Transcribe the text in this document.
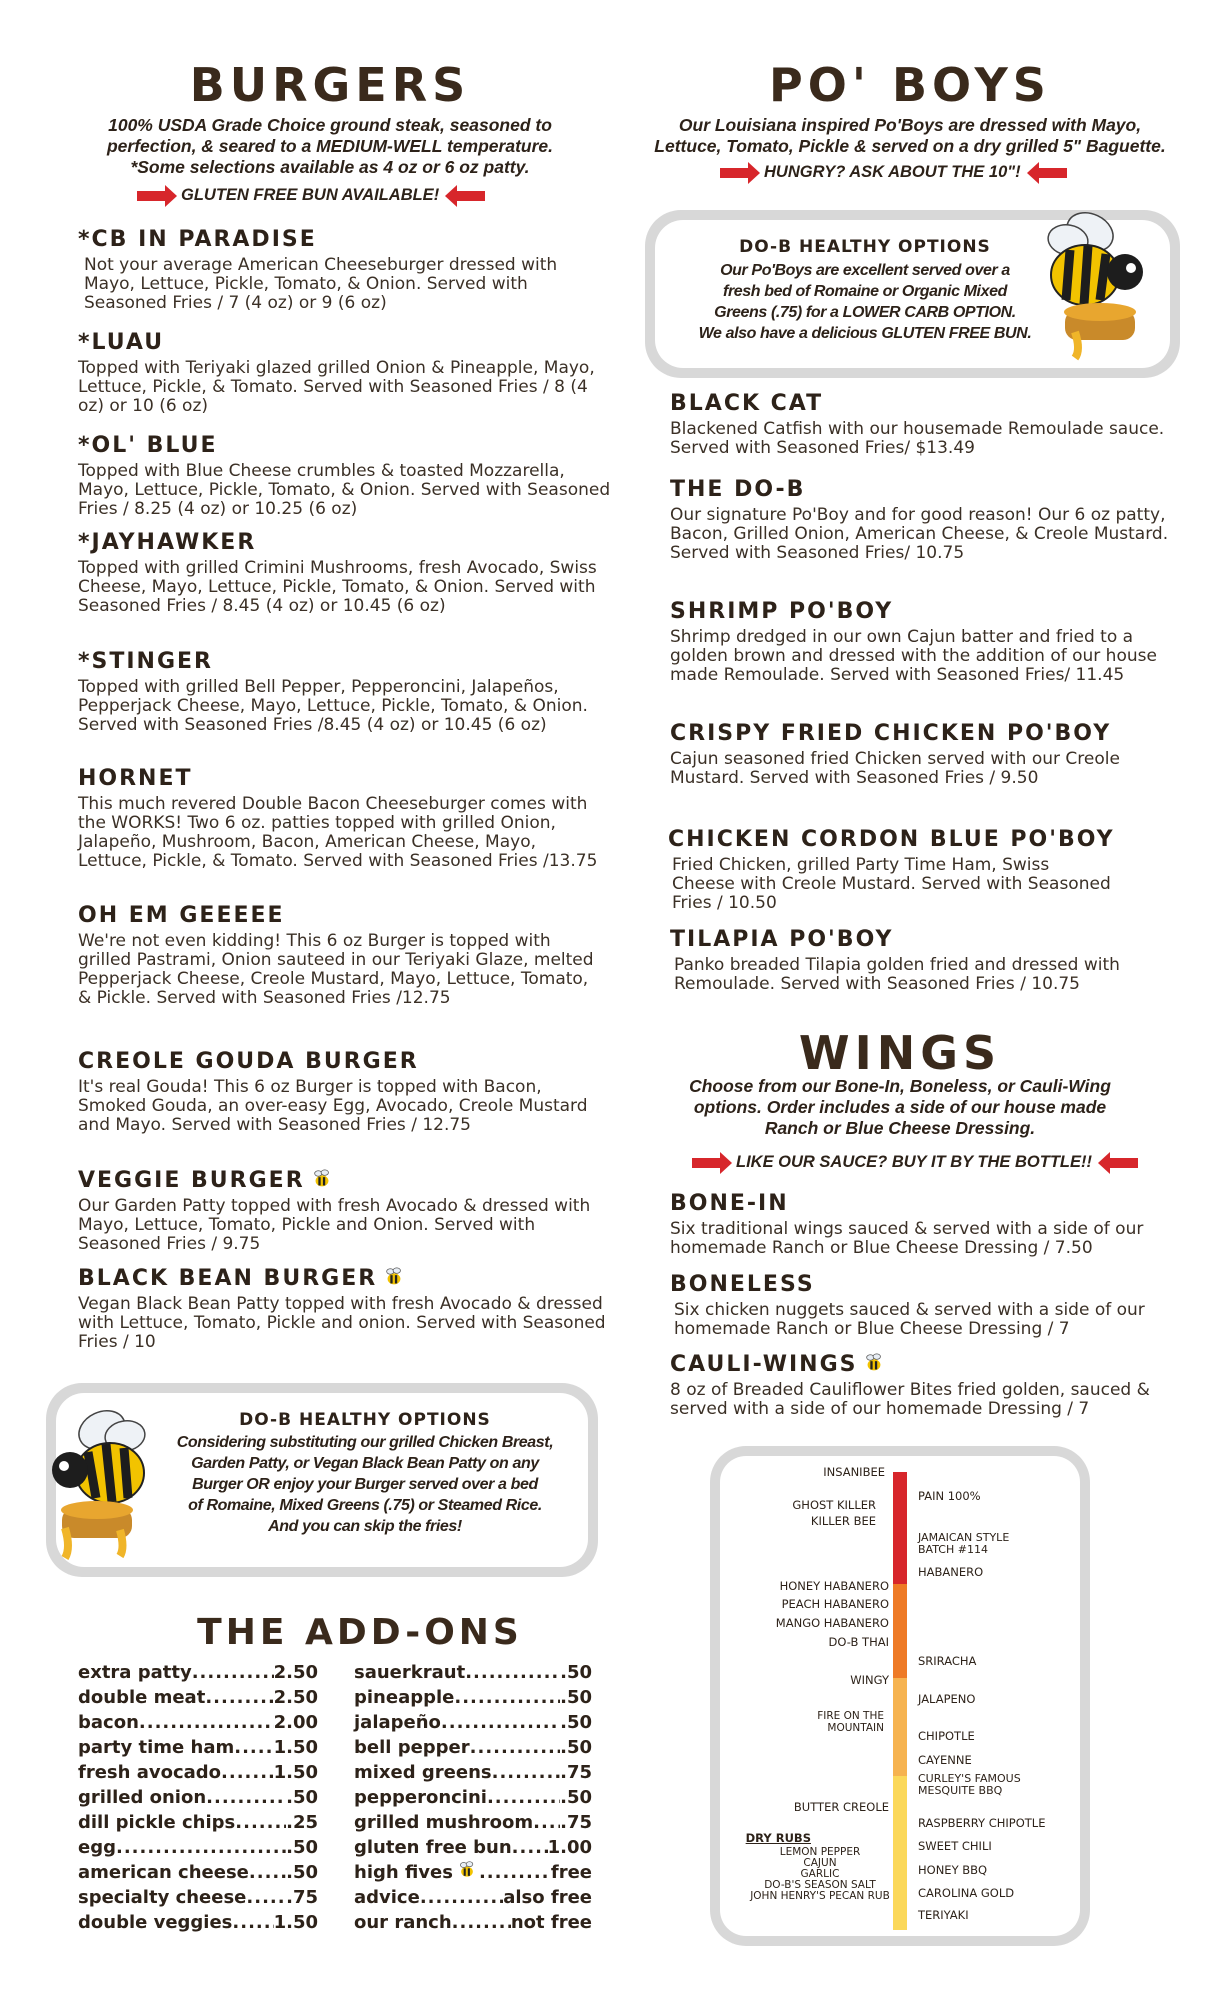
BURGERS
100% USDA Grade Choice ground steak, seasoned to
perfection, & seared to a MEDIUM-WELL temperature.
*Some selections available as 4 oz or 6 oz patty.
GLUTEN FREE BUN AVAILABLE!
*CB IN PARADISE
Not your average American Cheeseburger dressed with Mayo, Lettuce, Pickle, Tomato, & Onion. Served with Seasoned Fries / 7 (4 oz) or 9 (6 oz)
*LUAU
Topped with Teriyaki glazed grilled Onion & Pineapple, Mayo, Lettuce, Pickle, & Tomato. Served with Seasoned Fries / 8 (4 oz) or 10 (6 oz)
*OL' BLUE
Topped with Blue Cheese crumbles & toasted Mozzarella, Mayo, Lettuce, Pickle, Tomato, & Onion. Served with Seasoned Fries / 8.25 (4 oz) or 10.25 (6 oz)
*JAYHAWKER
Topped with grilled Crimini Mushrooms, fresh Avocado, Swiss Cheese, Mayo, Lettuce, Pickle, Tomato, & Onion. Served with Seasoned Fries / 8.45 (4 oz) or 10.45 (6 oz)
*STINGER
Topped with grilled Bell Pepper, Pepperoncini, Jalapeños, Pepperjack Cheese, Mayo, Lettuce, Pickle, Tomato, & Onion. Served with Seasoned Fries /8.45 (4 oz) or 10.45 (6 oz)
HORNET
This much revered Double Bacon Cheeseburger comes with the WORKS! Two 6 oz. patties topped with grilled Onion, Jalapeño, Mushroom, Bacon, American Cheese, Mayo, Lettuce, Pickle, & Tomato. Served with Seasoned Fries /13.75
OH EM GEEEEE
We're not even kidding! This 6 oz Burger is topped with grilled Pastrami, Onion sauteed in our Teriyaki Glaze, melted Pepperjack Cheese, Creole Mustard, Mayo, Lettuce, Tomato, & Pickle. Served with Seasoned Fries /12.75
CREOLE GOUDA BURGER
It's real Gouda! This 6 oz Burger is topped with Bacon, Smoked Gouda, an over-easy Egg, Avocado, Creole Mustard and Mayo. Served with Seasoned Fries / 12.75
VEGGIE BURGER
Our Garden Patty topped with fresh Avocado & dressed with Mayo, Lettuce, Tomato, Pickle and Onion. Served with Seasoned Fries / 9.75
BLACK BEAN BURGER
Vegan Black Bean Patty topped with fresh Avocado & dressed with Lettuce, Tomato, Pickle and onion. Served with Seasoned Fries / 10
DO-B HEALTHY OPTIONS
Considering substituting our grilled Chicken Breast,
Garden Patty, or Vegan Black Bean Patty on any
Burger OR enjoy your Burger served over a bed
of Romaine, Mixed Greens (.75) or Steamed Rice.
And you can skip the fries!
THE ADD-ONS
extra patty .....	2.50
double meat .....	2.50
bacon .....	2.00
party time ham ..... 1.50
fresh avocado .....	1.50
grilled onion .....	.50
dill pickle chips .....	.25
egg .....	.50
american cheese ..... .50
specialty cheese ..... .75
double veggies ..... 1.50
sauerkraut .....	.50
pineapple .....	.50
jalapeño .....	.50
bell pepper .....	.50
mixed greens .....	.75
pepperoncini .....	.50
grilled mushroom ..... .75
gluten free bun ..... 1.00
high fives .....	free
advice .....	also free
our ranch .....	not free
PO' BOYS
Our Louisiana inspired Po'Boys are dressed with Mayo,
Lettuce, Tomato, Pickle & served on a dry grilled 5" Baguette.
HUNGRY? ASK ABOUT THE 10"!
DO-B HEALTHY OPTIONS
Our Po'Boys are excellent served over a
fresh bed of Romaine or Organic Mixed
Greens (.75) for a LOWER CARB OPTION.
We also have a delicious GLUTEN FREE BUN.
BLACK CAT
Blackened Catfish with our housemade Remoulade sauce. Served with Seasoned Fries/ $13.49
THE DO-B
Our signature Po'Boy and for good reason! Our 6 oz patty, Bacon, Grilled Onion, American Cheese, & Creole Mustard. Served with Seasoned Fries/ 10.75
SHRIMP PO'BOY
Shrimp dredged in our own Cajun batter and fried to a golden brown and dressed with the addition of our house made Remoulade. Served with Seasoned Fries/ 11.45
CRISPY FRIED CHICKEN PO'BOY
Cajun seasoned fried Chicken served with our Creole Mustard. Served with Seasoned Fries / 9.50
CHICKEN CORDON BLUE PO'BOY
Fried Chicken, grilled Party Time Ham, Swiss Cheese with Creole Mustard. Served with Seasoned Fries / 10.50
TILAPIA PO'BOY
Panko breaded Tilapia golden fried and dressed with Remoulade. Served with Seasoned Fries / 10.75
WINGS
Choose from our Bone-In, Boneless, or Cauli-Wing
options. Order includes a side of our house made
Ranch or Blue Cheese Dressing.
LIKE OUR SAUCE? BUY IT BY THE BOTTLE!!
BONE-IN
Six traditional wings sauced & served with a side of our homemade Ranch or Blue Cheese Dressing / 7.50
BONELESS
Six chicken nuggets sauced & served with a side of our homemade Ranch or Blue Cheese Dressing / 7
CAULI-WINGS
8 oz of Breaded Cauliflower Bites fried golden, sauced & served with a side of our homemade Dressing / 7
INSANIBEE
GHOST KILLER
KILLER BEE
HONEY HABANERO
PEACH HABANERO
MANGO HABANERO
DO-B THAI
WINGY
FIRE ON THE
MOUNTAIN
BUTTER CREOLE
DRY RUBS
LEMON PEPPER
CAJUN
GARLIC
DO-B'S SEASON SALT
JOHN HENRY'S PECAN RUB
PAIN 100%
JAMAICAN STYLE
BATCH #114
HABANERO
SRIRACHA
JALAPENO
CHIPOTLE
CAYENNE
CURLEY'S FAMOUS
MESQUITE BBQ
RASPBERRY CHIPOTLE
SWEET CHILI
HONEY BBQ
CAROLINA GOLD
TERIYAKI
